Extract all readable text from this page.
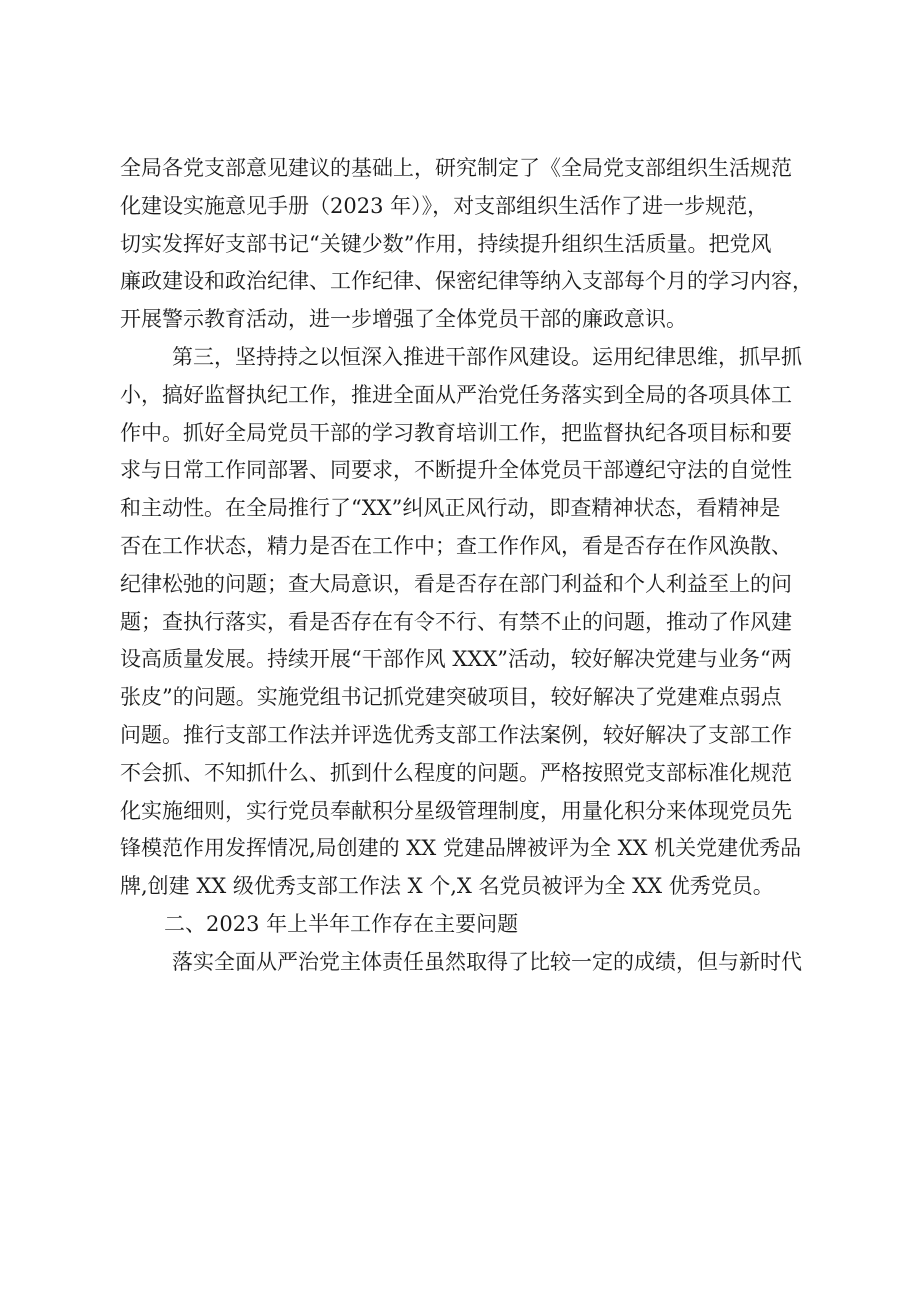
全局各党支部意见建议的基础上，研究制定了《全局党支部组织生活规范
化建设实施意见手册（2023 年）》，对支部组织生活作了进一步规范，
切实发挥好支部书记“关键少数”作用，持续提升组织生活质量。把党风
廉政建设和政治纪律、工作纪律、保密纪律等纳入支部每个月的学习内容，
开展警示教育活动，进一步增强了全体党员干部的廉政意识。
第三，坚持持之以恒深入推进干部作风建设。运用纪律思维，抓早抓
小，搞好监督执纪工作，推进全面从严治党任务落实到全局的各项具体工
作中。抓好全局党员干部的学习教育培训工作，把监督执纪各项目标和要
求与日常工作同部署、同要求，不断提升全体党员干部遵纪守法的自觉性
和主动性。在全局推行了“XX”纠风正风行动，即查精神状态，看精神是
否在工作状态，精力是否在工作中；查工作作风，看是否存在作风涣散、
纪律松弛的问题；查大局意识，看是否存在部门利益和个人利益至上的问
题；查执行落实，看是否存在有令不行、有禁不止的问题，推动了作风建
设高质量发展。持续开展“干部作风 XXX”活动，较好解决党建与业务“两
张皮”的问题。实施党组书记抓党建突破项目，较好解决了党建难点弱点
问题。推行支部工作法并评选优秀支部工作法案例，较好解决了支部工作
不会抓、不知抓什么、抓到什么程度的问题。严格按照党支部标准化规范
化实施细则，实行党员奉献积分星级管理制度，用量化积分来体现党员先
锋模范作用发挥情况,局创建的 XX 党建品牌被评为全 XX 机关党建优秀品
牌,创建 XX 级优秀支部工作法 X 个,X 名党员被评为全 XX 优秀党员。
二、2023 年上半年工作存在主要问题
落实全面从严治党主体责任虽然取得了比较一定的成绩，但与新时代
